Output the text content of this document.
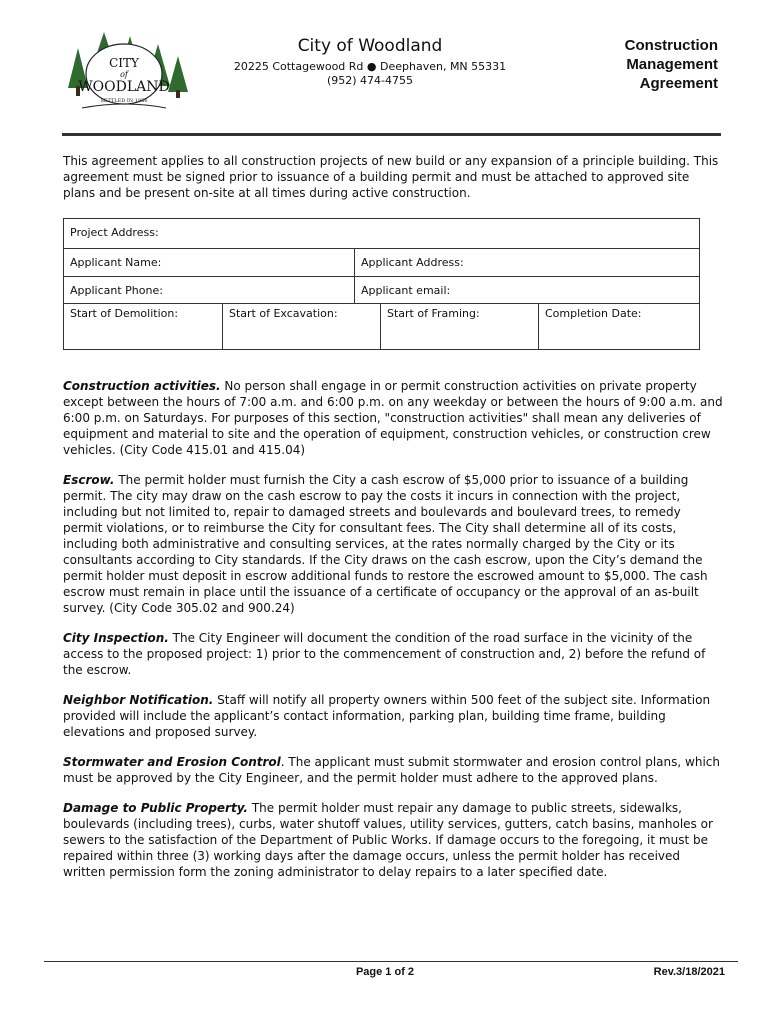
CITY
of
WOODLAND
SETTLED IN 1856
City of Woodland
20225 Cottagewood Rd ● Deephaven, MN 55331
(952) 474-4755
Construction
Management
Agreement
This agreement applies to all construction projects of new build or any expansion of a principle building. This agreement must be signed prior to issuance of a building permit and must be attached to approved site plans and be present on-site at all times during active construction.
Project Address:
Applicant Name:	Applicant Address:
Applicant Phone:	Applicant email:
Start of Demolition:	Start of Excavation:	Start of Framing:	Completion Date:

Construction activities. No person shall engage in or permit construction activities on private property except between the hours of 7:00 a.m. and 6:00 p.m. on any weekday or between the hours of 9:00 a.m. and 6:00 p.m. on Saturdays. For purposes of this section, "construction activities" shall mean any deliveries of equipment and material to site and the operation of equipment, construction vehicles, or construction crew vehicles. (City Code 415.01 and 415.04)

Escrow. The permit holder must furnish the City a cash escrow of $5,000 prior to issuance of a building permit. The city may draw on the cash escrow to pay the costs it incurs in connection with the project, including but not limited to, repair to damaged streets and boulevards and boulevard trees, to remedy permit violations, or to reimburse the City for consultant fees. The City shall determine all of its costs, including both administrative and consulting services, at the rates normally charged by the City or its consultants according to City standards. If the City draws on the cash escrow, upon the City’s demand the permit holder must deposit in escrow additional funds to restore the escrowed amount to $5,000. The cash escrow must remain in place until the issuance of a certificate of occupancy or the approval of an as-built survey. (City Code 305.02 and 900.24)

City Inspection. The City Engineer will document the condition of the road surface in the vicinity of the access to the proposed project: 1) prior to the commencement of construction and, 2) before the refund of the escrow.

Neighbor Notification. Staff will notify all property owners within 500 feet of the subject site. Information provided will include the applicant’s contact information, parking plan, building time frame, building elevations and proposed survey.

Stormwater and Erosion Control. The applicant must submit stormwater and erosion control plans, which must be approved by the City Engineer, and the permit holder must adhere to the approved plans.

Damage to Public Property. The permit holder must repair any damage to public streets, sidewalks, boulevards (including trees), curbs, water shutoff values, utility services, gutters, catch basins, manholes or sewers to the satisfaction of the Department of Public Works. If damage occurs to the foregoing, it must be repaired within three (3) working days after the damage occurs, unless the permit holder has received written permission form the zoning administrator to delay repairs to a later specified date.

Page 1 of 2	Rev.3/18/2021
